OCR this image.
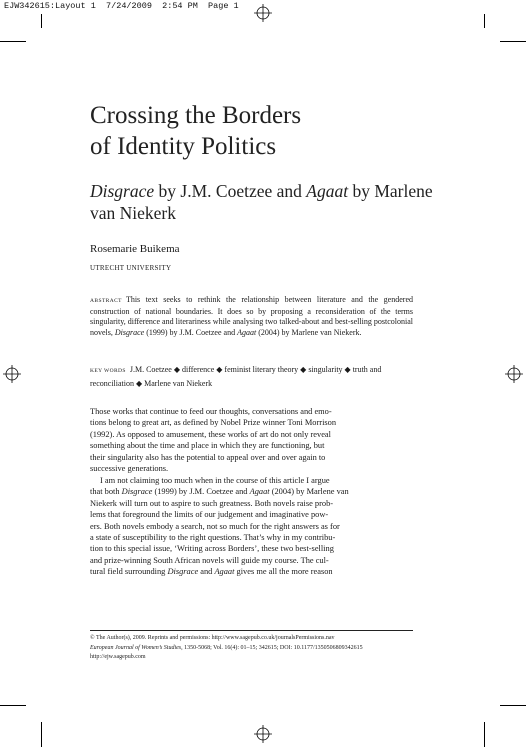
EJW342615:Layout 1  7/24/2009  2:54 PM  Page 1
Crossing the Borders
of Identity Politics
Disgrace by J.M. Coetzee and Agaat by Marlene van Niekerk
Rosemarie Buikema
UTRECHT UNIVERSITY

ABSTRACT This text seeks to rethink the relationship between literature and the gendered construction of national boundaries. It does so by proposing a reconsideration of the terms singularity, difference and literariness while analysing two talked-about and best-selling postcolonial novels, Disgrace (1999) by J.M. Coetzee and Agaat (2004) by Marlene van Niekerk.

KEY WORDS J.M. Coetzee ◆ difference ◆ feminist literary theory ◆ singularity ◆ truth and reconciliation ◆ Marlene van Niekerk

Those works that continue to feed our thoughts, conversations and emo-
tions belong to great art, as defined by Nobel Prize winner Toni Morrison
(1992). As opposed to amusement, these works of art do not only reveal
something about the time and place in which they are functioning, but
their singularity also has the potential to appeal over and over again to
successive generations.
I am not claiming too much when in the course of this article I argue
that both Disgrace (1999) by J.M. Coetzee and Agaat (2004) by Marlene van
Niekerk will turn out to aspire to such greatness. Both novels raise prob-
lems that foreground the limits of our judgement and imaginative pow-
ers. Both novels embody a search, not so much for the right answers as for
a state of susceptibility to the right questions. That’s why in my contribu-
tion to this special issue, ‘Writing across Borders’, these two best-selling
and prize-winning South African novels will guide my course. The cul-
tural field surrounding Disgrace and Agaat gives me all the more reason
© The Author(s), 2009. Reprints and permissions: http://www.sagepub.co.uk/journalsPermissions.nav
European Journal of Women’s Studies, 1350-5068; Vol. 16(4): 01–15; 342615; DOI: 10.1177/1350506809342615
http://ejw.sagepub.com
